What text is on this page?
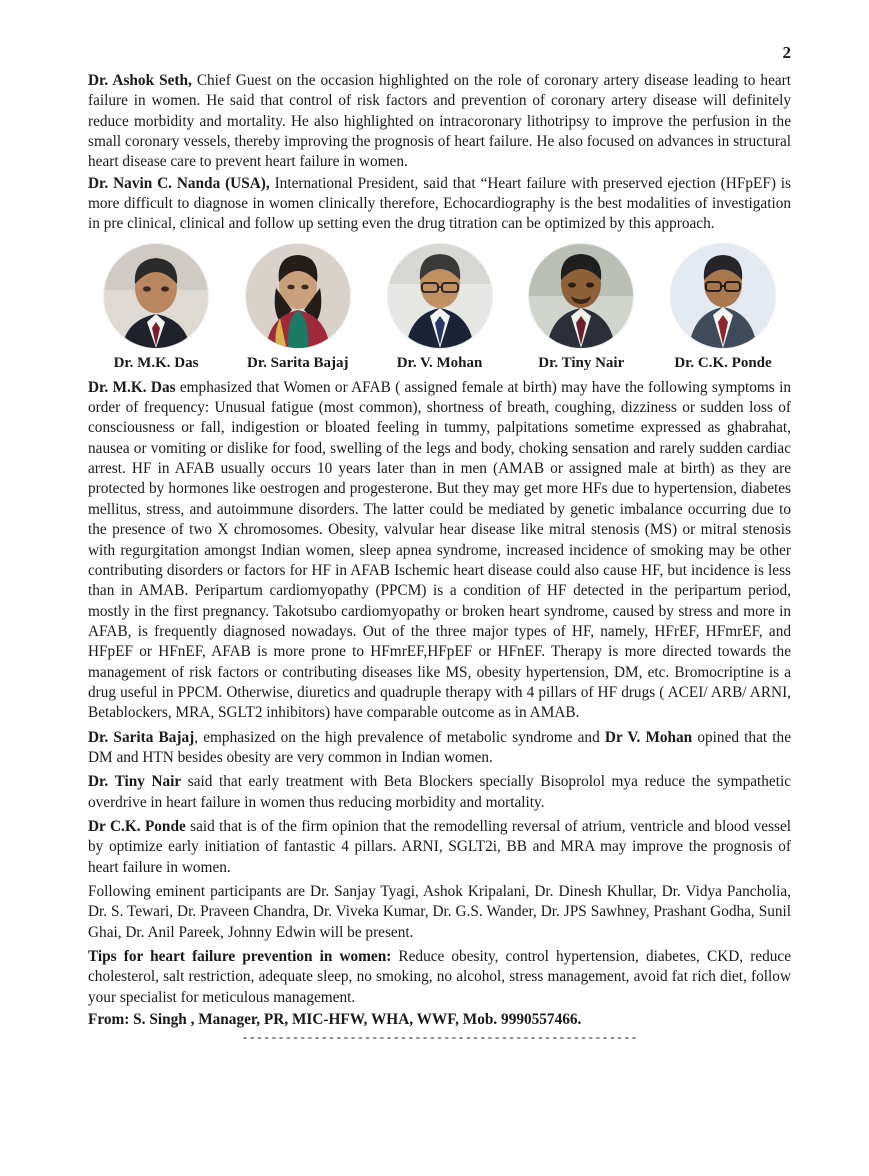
2

Dr. Ashok Seth, Chief Guest on the occasion highlighted on the role of coronary artery disease leading to heart failure in women. He said that control of risk factors and prevention of coronary artery disease will definitely reduce morbidity and mortality. He also highlighted on intracoronary lithotripsy to improve the perfusion in the small coronary vessels, thereby improving the prognosis of heart failure. He also focused on advances in structural heart disease care to prevent heart failure in women.

Dr. Navin C. Nanda (USA), International President, said that “Heart failure with preserved ejection (HFpEF) is more difficult to diagnose in women clinically therefore, Echocardiography is the best modalities of investigation in pre clinical, clinical and follow up setting even the drug titration can be optimized by this approach.

Dr. M.K. Das	Dr. Sarita Bajaj	Dr. V. Mohan	Dr. Tiny Nair	Dr. C.K. Ponde

Dr. M.K. Das emphasized that Women or AFAB ( assigned female at birth) may have the following symptoms in order of frequency: Unusual fatigue (most common), shortness of breath, coughing, dizziness or sudden loss of consciousness or fall, indigestion or bloated feeling in tummy, palpitations sometime expressed as ghabrahat, nausea or vomiting or dislike for food, swelling of the legs and body, choking sensation and rarely sudden cardiac arrest. HF in AFAB usually occurs 10 years later than in men (AMAB or assigned male at birth) as they are protected by hormones like oestrogen and progesterone. But they may get more HFs due to hypertension, diabetes mellitus, stress, and autoimmune disorders. The latter could be mediated by genetic imbalance occurring due to the presence of two X chromosomes. Obesity, valvular hear disease like mitral stenosis (MS) or mitral stenosis with regurgitation amongst Indian women, sleep apnea syndrome, increased incidence of smoking may be other contributing disorders or factors for HF in AFAB Ischemic heart disease could also cause HF, but incidence is less than in AMAB. Peripartum cardiomyopathy (PPCM) is a condition of HF detected in the peripartum period, mostly in the first pregnancy. Takotsubo cardiomyopathy or broken heart syndrome, caused by stress and more in AFAB, is frequently diagnosed nowadays. Out of the three major types of HF, namely, HFrEF, HFmrEF, and HFpEF or HFnEF, AFAB is more prone to HFmrEF,HFpEF or HFnEF. Therapy is more directed towards the management of risk factors or contributing diseases like MS, obesity hypertension, DM, etc. Bromocriptine is a drug useful in PPCM. Otherwise, diuretics and quadruple therapy with 4 pillars of HF drugs ( ACEI/ ARB/ ARNI, Betablockers, MRA, SGLT2 inhibitors) have comparable outcome as in AMAB.

Dr. Sarita Bajaj, emphasized on the high prevalence of metabolic syndrome and Dr V. Mohan opined that the DM and HTN besides obesity are very common in Indian women.

Dr. Tiny Nair said that early treatment with Beta Blockers specially Bisoprolol mya reduce the sympathetic overdrive in heart failure in women thus reducing morbidity and mortality.

Dr C.K. Ponde said that is of the firm opinion that the remodelling reversal of atrium, ventricle and blood vessel by optimize early initiation of fantastic 4 pillars. ARNI, SGLT2i, BB and MRA may improve the prognosis of heart failure in women.

Following eminent participants are Dr. Sanjay Tyagi, Ashok Kripalani, Dr. Dinesh Khullar, Dr. Vidya Pancholia, Dr. S. Tewari, Dr. Praveen Chandra, Dr. Viveka Kumar, Dr. G.S. Wander, Dr. JPS Sawhney, Prashant Godha, Sunil Ghai, Dr. Anil Pareek, Johnny Edwin will be present.

Tips for heart failure prevention in women: Reduce obesity, control hypertension, diabetes, CKD, reduce cholesterol, salt restriction, adequate sleep, no smoking, no alcohol, stress management, avoid fat rich diet, follow your specialist for meticulous management.

From: S. Singh , Manager, PR, MIC-HFW, WHA, WWF, Mob. 9990557466.
-------------------------------------------------------
